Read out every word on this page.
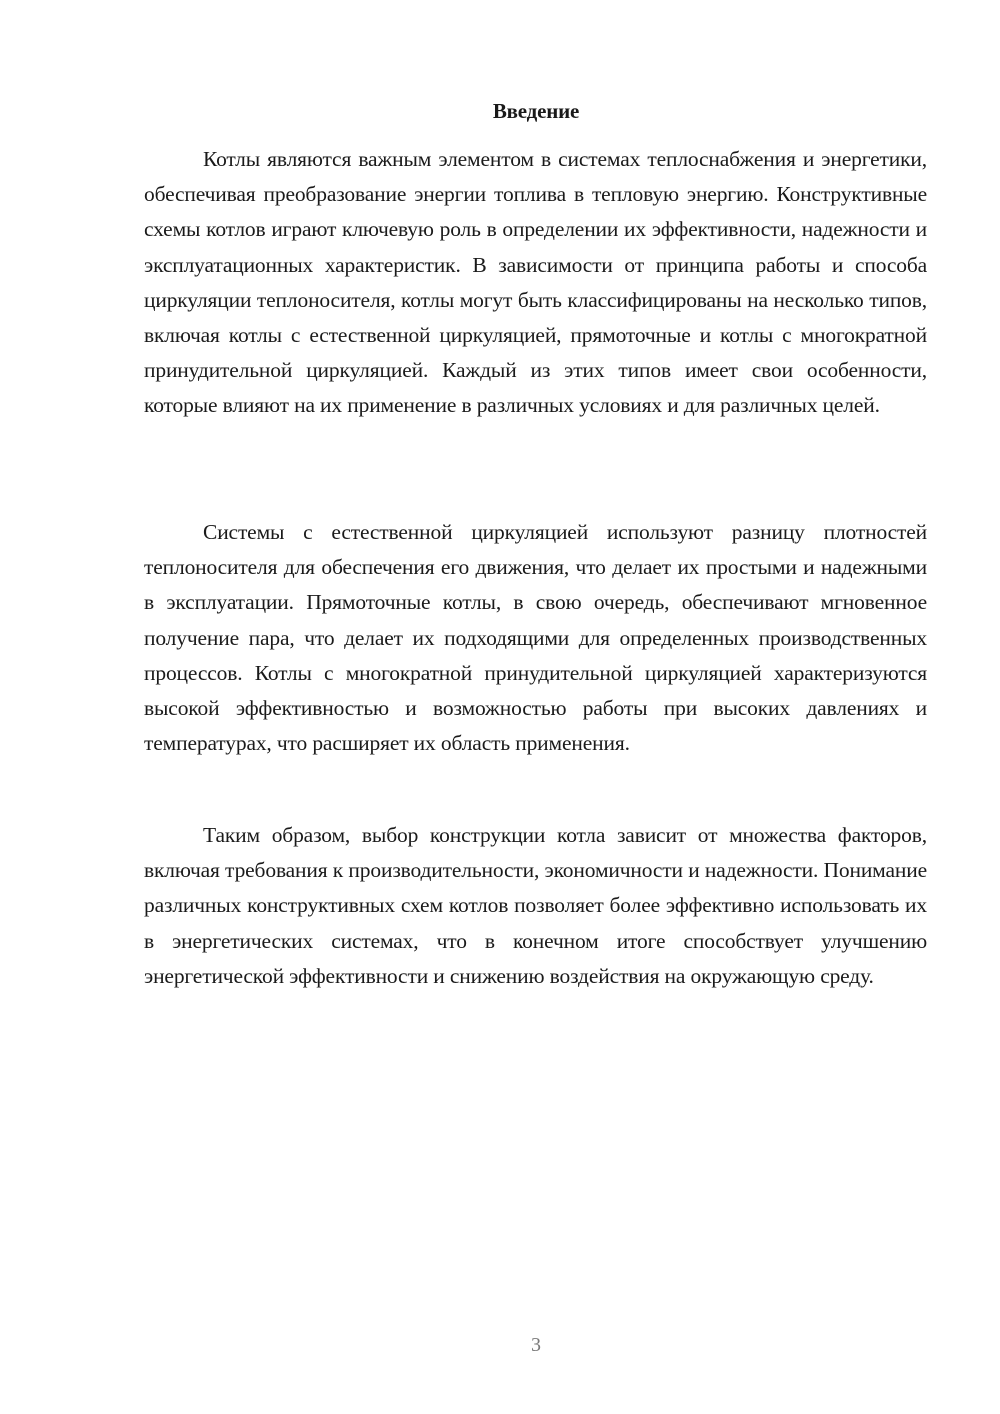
Введение

Котлы являются важным элементом в системах теплоснабжения и энергетики, обеспечивая преобразование энергии топлива в тепловую энергию. Конструктивные схемы котлов играют ключевую роль в определении их эффективности, надежности и эксплуатационных характеристик. В зависимости от принципа работы и способа циркуляции теплоносителя, котлы могут быть классифицированы на несколько типов, включая котлы с естественной циркуляцией, прямоточные и котлы с многократной принудительной циркуляцией. Каждый из этих типов имеет свои особенности, которые влияют на их применение в различных условиях и для различных целей.

Системы с естественной циркуляцией используют разницу плотностей теплоносителя для обеспечения его движения, что делает их простыми и надежными в эксплуатации. Прямоточные котлы, в свою очередь, обеспечивают мгновенное получение пара, что делает их подходящими для определенных производственных процессов. Котлы с многократной принудительной циркуляцией характеризуются высокой эффективностью и возможностью работы при высоких давлениях и температурах, что расширяет их область применения.

Таким образом, выбор конструкции котла зависит от множества факторов, включая требования к производительности, экономичности и надежности. Понимание различных конструктивных схем котлов позволяет более эффективно использовать их в энергетических системах, что в конечном итоге способствует улучшению энергетической эффективности и снижению воздействия на окружающую среду.

3
